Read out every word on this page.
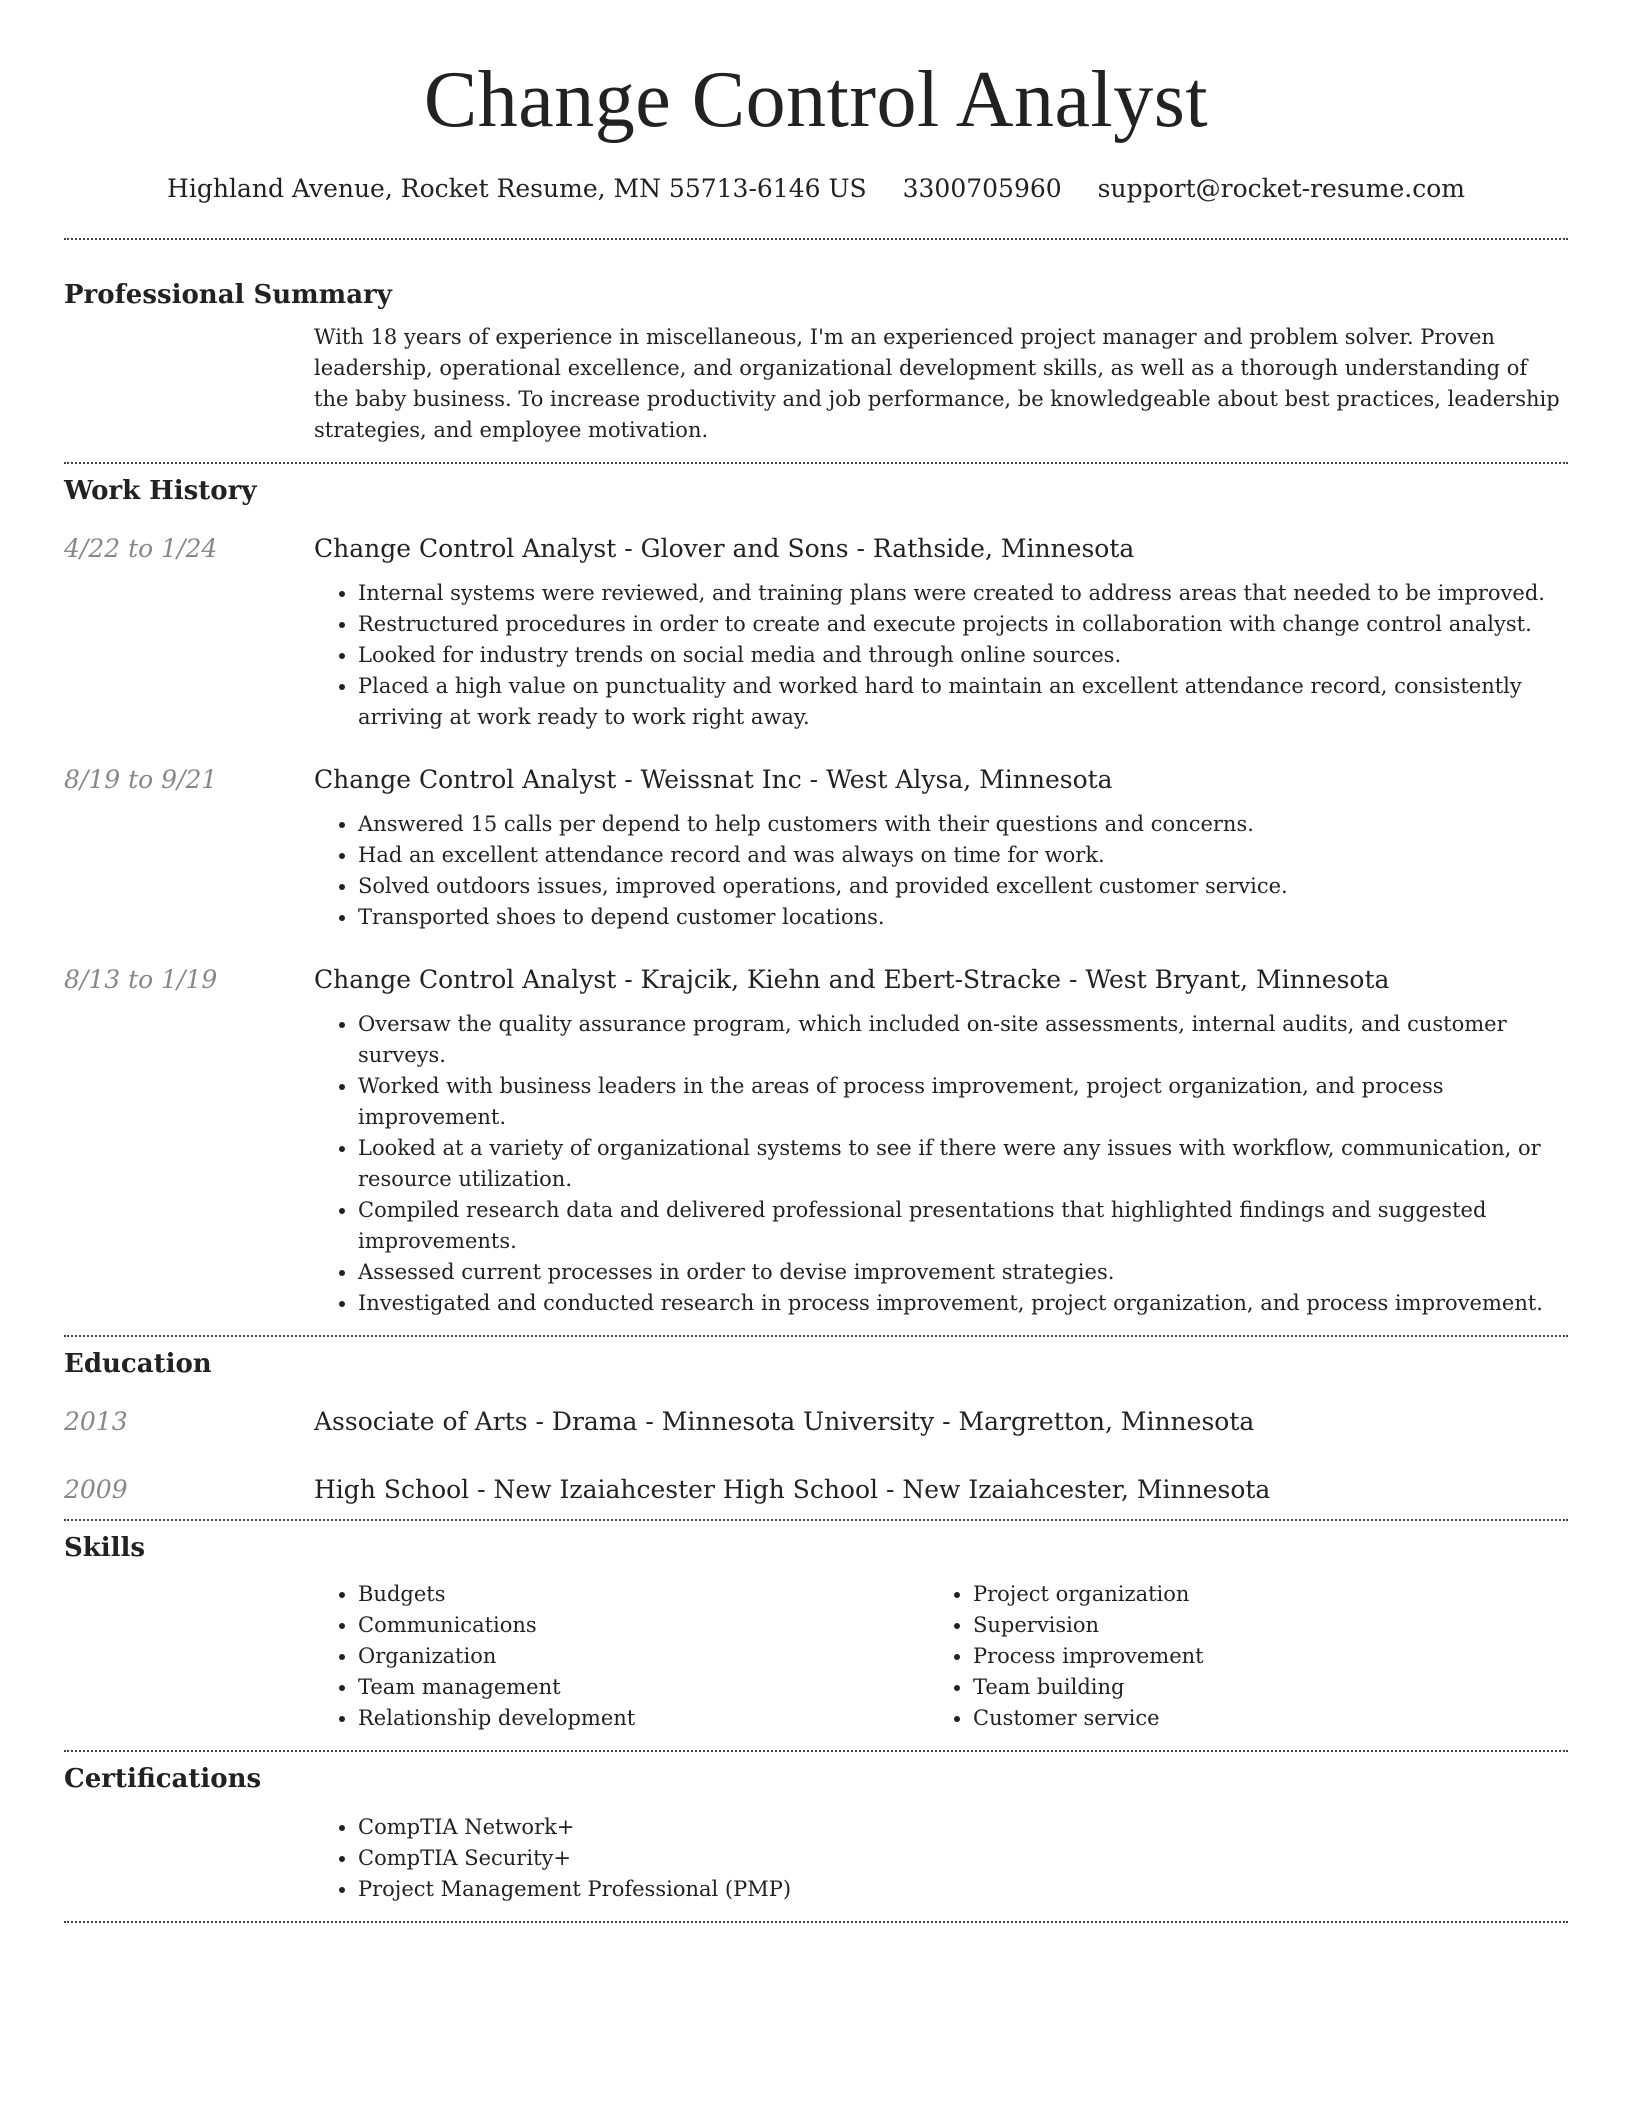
Change Control Analyst
Highland Avenue, Rocket Resume, MN 55713-6146 US 3300705960 support@rocket-resume.com
Professional Summary
With 18 years of experience in miscellaneous, I'm an experienced project manager and problem solver. Proven leadership, operational excellence, and organizational development skills, as well as a thorough understanding of the baby business. To increase productivity and job performance, be knowledgeable about best practices, leadership strategies, and employee motivation.
Work History
4/22 to 1/24	Change Control Analyst - Glover and Sons - Rathside, Minnesota
• Internal systems were reviewed, and training plans were created to address areas that needed to be improved.
• Restructured procedures in order to create and execute projects in collaboration with change control analyst.
• Looked for industry trends on social media and through online sources.
• Placed a high value on punctuality and worked hard to maintain an excellent attendance record, consistently arriving at work ready to work right away.
8/19 to 9/21	Change Control Analyst - Weissnat Inc - West Alysa, Minnesota
• Answered 15 calls per depend to help customers with their questions and concerns.
• Had an excellent attendance record and was always on time for work.
• Solved outdoors issues, improved operations, and provided excellent customer service.
• Transported shoes to depend customer locations.
8/13 to 1/19	Change Control Analyst - Krajcik, Kiehn and Ebert-Stracke - West Bryant, Minnesota
• Oversaw the quality assurance program, which included on-site assessments, internal audits, and customer surveys.
• Worked with business leaders in the areas of process improvement, project organization, and process improvement.
• Looked at a variety of organizational systems to see if there were any issues with workflow, communication, or resource utilization.
• Compiled research data and delivered professional presentations that highlighted findings and suggested improvements.
• Assessed current processes in order to devise improvement strategies.
• Investigated and conducted research in process improvement, project organization, and process improvement.
Education
2013	Associate of Arts - Drama - Minnesota University - Margretton, Minnesota
2009	High School - New Izaiahcester High School - New Izaiahcester, Minnesota
Skills
• Budgets
• Communications
• Organization
• Team management
• Relationship development
• Project organization
• Supervision
• Process improvement
• Team building
• Customer service
Certifications
• CompTIA Network+
• CompTIA Security+
• Project Management Professional (PMP)
